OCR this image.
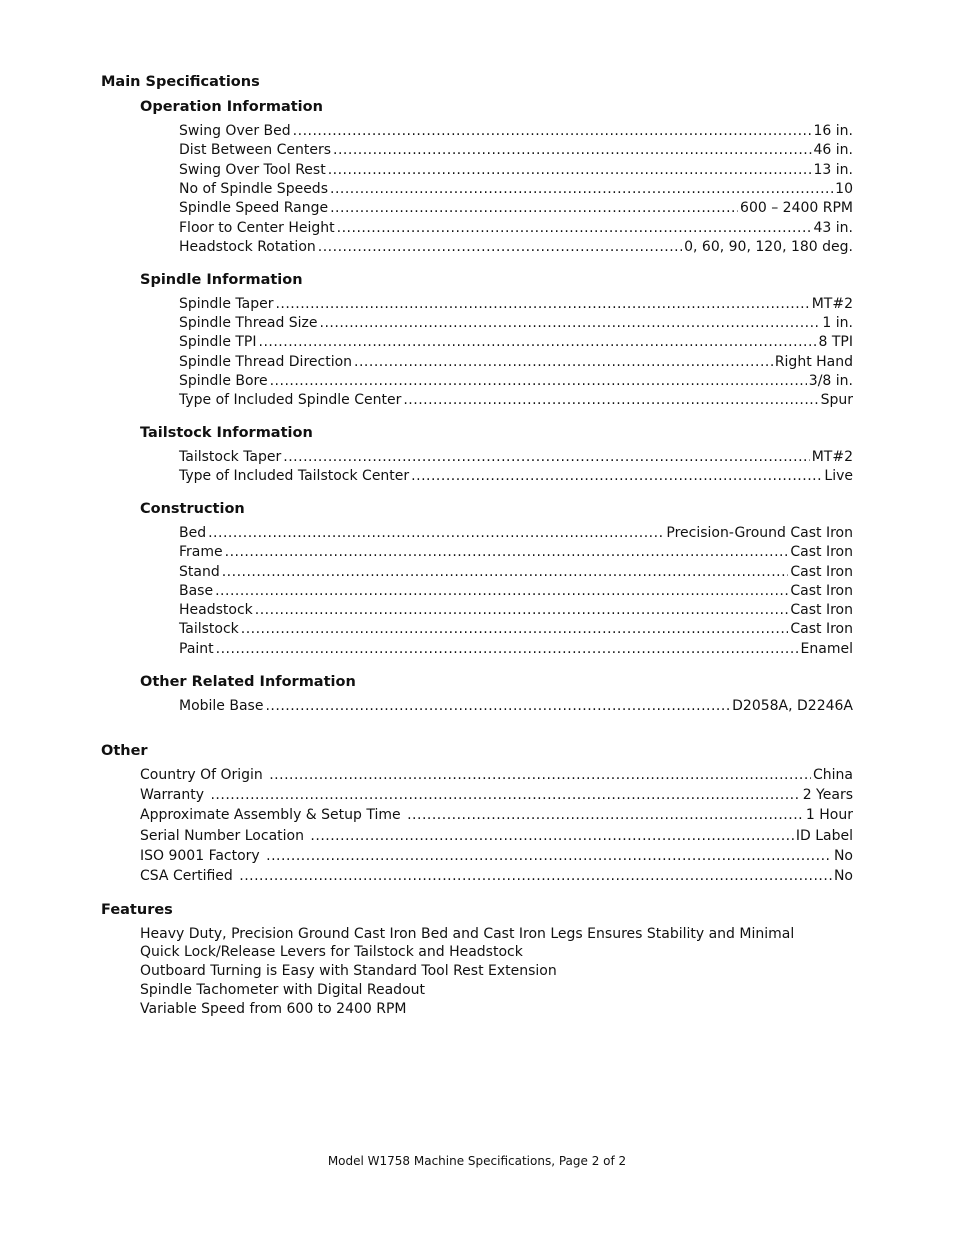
Main Specifications
Operation Information
Swing Over Bed .....	16 in.
Dist Between Centers .....	46 in.
Swing Over Tool Rest .....	13 in.
No of Spindle Speeds .....	10
Spindle Speed Range .....	600 – 2400 RPM
Floor to Center Height .....	43 in.
Headstock Rotation .....	0, 60, 90, 120, 180 deg.
Spindle Information
Spindle Taper .....	MT#2
Spindle Thread Size .....	1 in.
Spindle TPI .....	8 TPI
Spindle Thread Direction .....	Right Hand
Spindle Bore .....	3/8 in.
Type of Included Spindle Center .....	Spur
Tailstock Information
Tailstock Taper .....	MT#2
Type of Included Tailstock Center .....	Live
Construction
Bed .....	Precision-Ground Cast Iron
Frame .....	Cast Iron
Stand .....	Cast Iron
Base .....	Cast Iron
Headstock .....	Cast Iron
Tailstock .....	Cast Iron
Paint .....	Enamel
Other Related Information
Mobile Base .....	D2058A, D2246A
Other
Country Of Origin .....	China
Warranty .....	2 Years
Approximate Assembly & Setup Time .....	1 Hour
Serial Number Location .....	ID Label
ISO 9001 Factory .....	No
CSA Certified .....	No
Features
Heavy Duty, Precision Ground Cast Iron Bed and Cast Iron Legs Ensures Stability and Minimal
Quick Lock/Release Levers for Tailstock and Headstock
Outboard Turning is Easy with Standard Tool Rest Extension
Spindle Tachometer with Digital Readout
Variable Speed from 600 to 2400 RPM
Model W1758 Machine Specifications, Page 2 of 2
